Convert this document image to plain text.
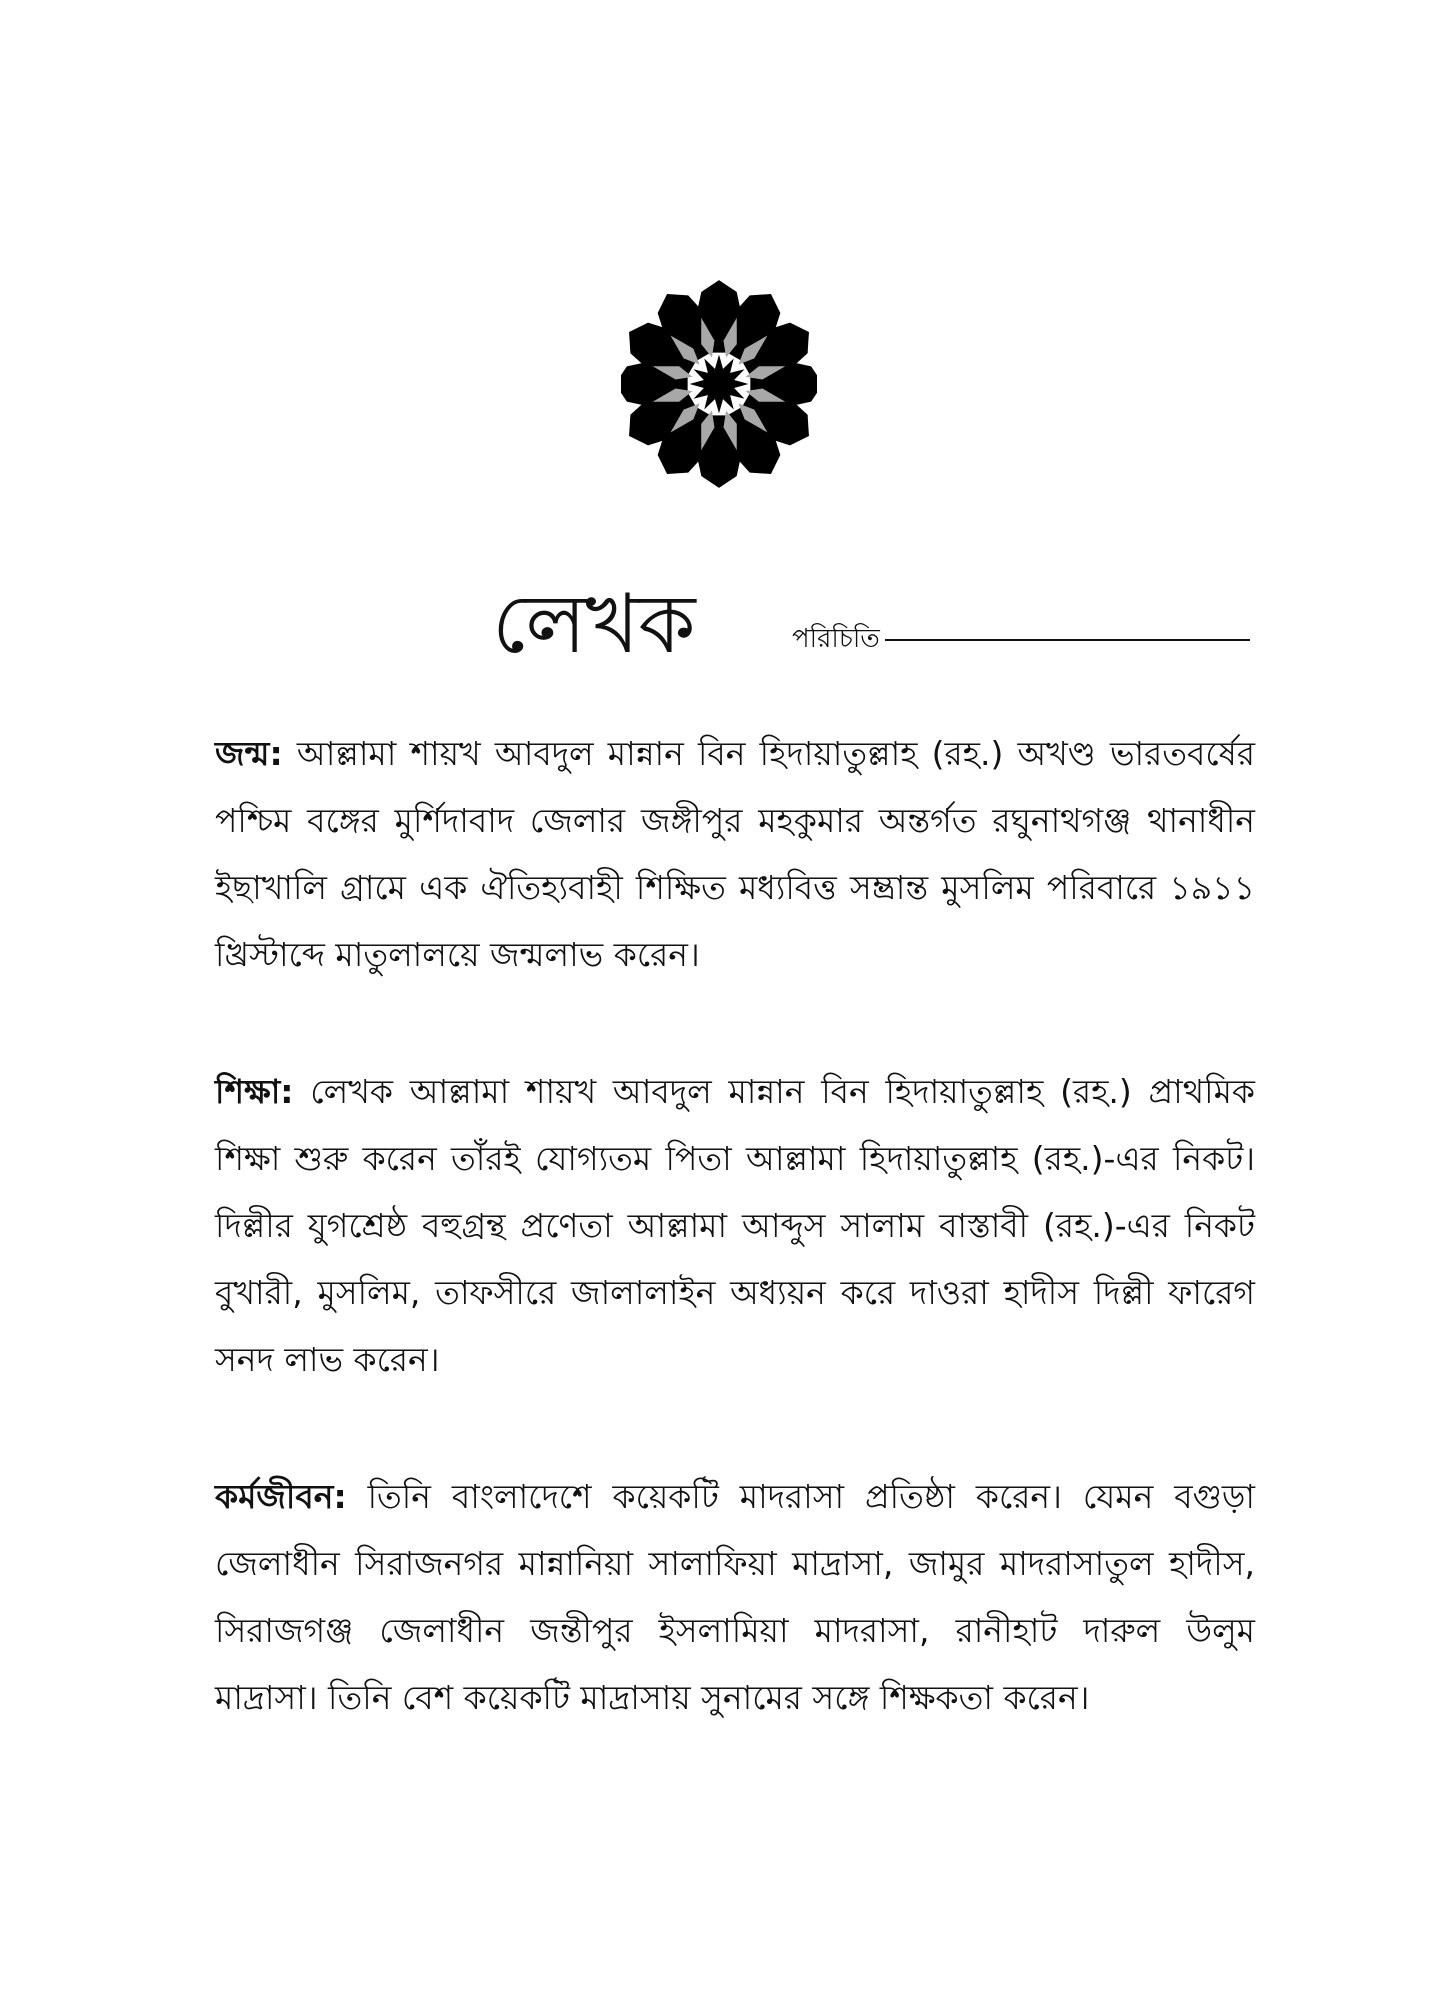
লেখক	পরিচিতি

জন্ম: আল্লামা শায়খ আবদুল মান্নান বিন হিদায়াতুল্লাহ (রহ.) অখণ্ড ভারতবর্ষের পশ্চিম বঙ্গের মুর্শিদাবাদ জেলার জঙ্গীপুর মহকুমার অন্তর্গত রঘুনাথগঞ্জ থানাধীন ইছাখালি গ্রামে এক ঐতিহ্যবাহী শিক্ষিত মধ্যবিত্ত সম্ভ্রান্ত মুসলিম পরিবারে ১৯১১ খ্রিস্টাব্দে মাতুলালয়ে জন্মলাভ করেন।

শিক্ষা: লেখক আল্লামা শায়খ আবদুল মান্নান বিন হিদায়াতুল্লাহ (রহ.) প্রাথমিক শিক্ষা শুরু করেন তাঁরই যোগ্যতম পিতা আল্লামা হিদায়াতুল্লাহ (রহ.)-এর নিকট। দিল্লীর যুগশ্রেষ্ঠ বহুগ্রন্থ প্রণেতা আল্লামা আব্দুস সালাম বাস্তাবী (রহ.)-এর নিকট বুখারী, মুসলিম, তাফসীরে জালালাইন অধ্যয়ন করে দাওরা হাদীস দিল্লী ফারেগ সনদ লাভ করেন।

কর্মজীবন: তিনি বাংলাদেশে কয়েকটি মাদরাসা প্রতিষ্ঠা করেন। যেমন বগুড়া জেলাধীন সিরাজনগর মান্নানিয়া সালাফিয়া মাদ্রাসা, জামুর মাদরাসাতুল হাদীস, সিরাজগঞ্জ জেলাধীন জন্তীপুর ইসলামিয়া মাদরাসা, রানীহাট দারুল উলুম মাদ্রাসা। তিনি বেশ কয়েকটি মাদ্রাসায় সুনামের সঙ্গে শিক্ষকতা করেন।
